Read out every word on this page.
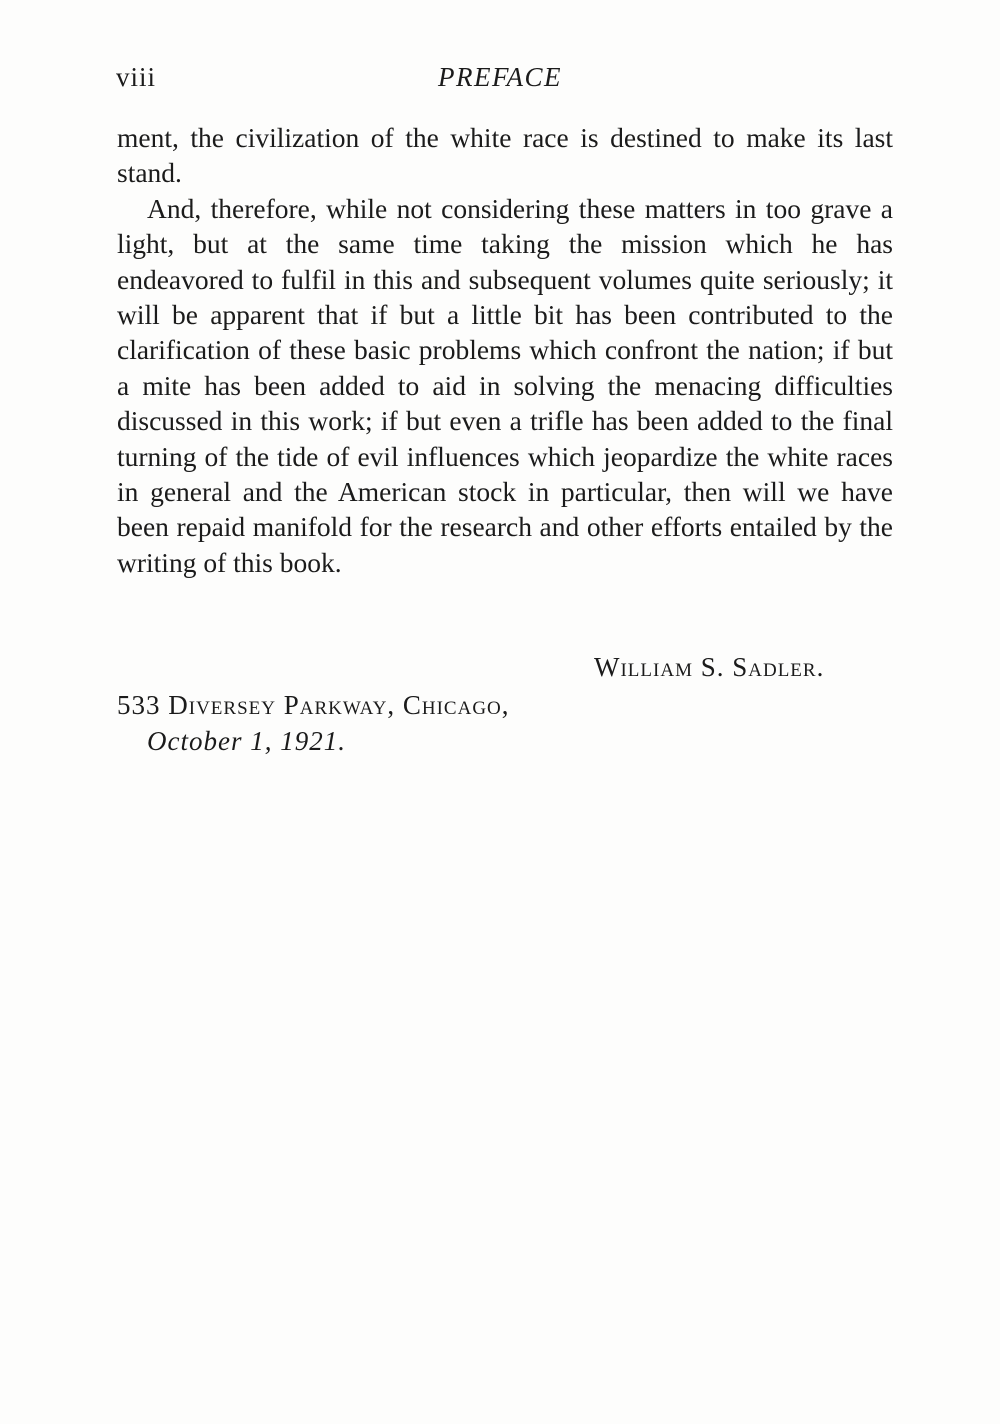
viii	PREFACE

ment, the civilization of the white race is destined to make its last stand.

And, therefore, while not considering these matters in too grave a light, but at the same time taking the mission which he has endeavored to fulfil in this and subsequent volumes quite seriously; it will be apparent that if but a little bit has been contributed to the clarification of these basic problems which confront the nation; if but a mite has been added to aid in solving the menacing difficulties discussed in this work; if but even a trifle has been added to the final turning of the tide of evil influences which jeopardize the white races in general and the American stock in particular, then will we have been repaid manifold for the research and other efforts entailed by the writing of this book.

William S. Sadler.
533 Diversey Parkway, Chicago,
October 1, 1921.
